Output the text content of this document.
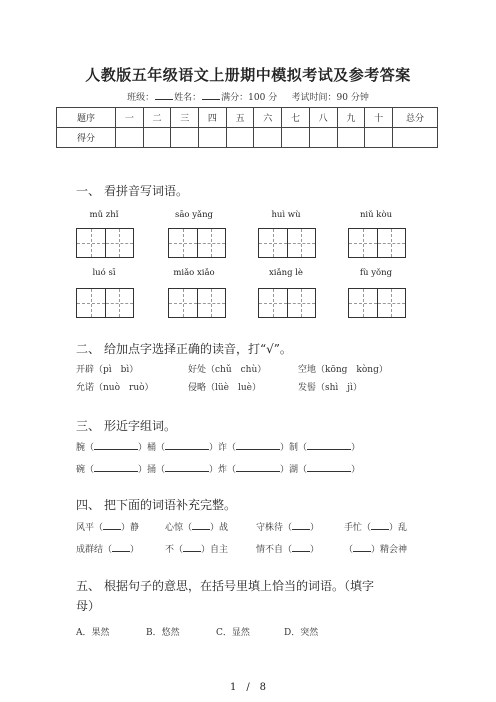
人教版五年级语文上册期中模拟考试及参考答案
班级： 姓名： 满分：100 分 考试时间：90 分钟
题序	一	二	三	四	五	六	七	八	九	十	总分
得分											
一、 看拼音写词语。
mǔ zhǐ	sāo yǎng	huì wù	niǔ kòu
luó sī	miǎo xiǎo	xiǎng lè	fù yǒng
二、 给加点字选择正确的读音，打“√”。
开辟（pì　bì）	好处（chǔ　chù）	空地（kōng　kòng）
允诺（nuò　ruò）	侵略（lüè　luè）	发髻（shì　jì）
三、 形近字组词。
腕（	）桶（	）诈（	）制（	）
碗（	）捅（	）炸（	）湖（	）
四、 把下面的词语补充完整。
风平（ ）静	心惊（ ）战	守株待（ ）	手忙（ ）乱
成群结（ ）	不（ ）自主	情不自（ ）	（ ）精会神
五、 根据句子的意思，在括号里填上恰当的词语。（填字
母）
A．果然	B．悠然	C．显然	D．突然
1　/　8
